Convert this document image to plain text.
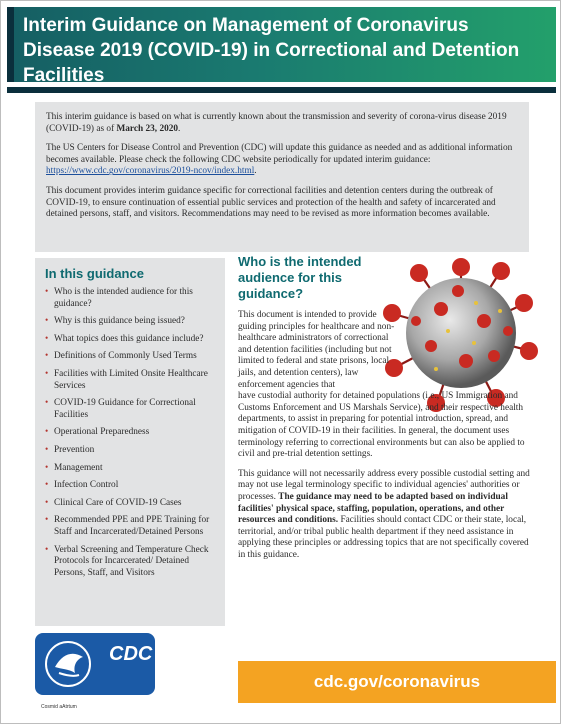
Interim Guidance on Management of Coronavirus Disease 2019 (COVID-19) in Correctional and Detention Facilities

This interim guidance is based on what is currently known about the transmission and severity of corona-virus disease 2019 (COVID-19) as of March 23, 2020.

The US Centers for Disease Control and Prevention (CDC) will update this guidance as needed and as additional information becomes available. Please check the following CDC website periodically for updated interim guidance: https://www.cdc.gov/coronavirus/2019-ncov/index.html.

This document provides interim guidance specific for correctional facilities and detention centers during the outbreak of COVID-19, to ensure continuation of essential public services and protection of the health and safety of incarcerated and detained persons, staff, and visitors. Recommendations may need to be revised as more information becomes available.

In this guidance
• Who is the intended audience for this guidance?
• Why is this guidance being issued?
• What topics does this guidance include?
• Definitions of Commonly Used Terms
• Facilities with Limited Onsite Healthcare Services
• COVID-19 Guidance for Correctional Facilities
• Operational Preparedness
• Prevention
• Management
• Infection Control
• Clinical Care of COVID-19 Cases
• Recommended PPE and PPE Training for Staff and Incarcerated/Detained Persons
• Verbal Screening and Temperature Check Protocols for Incarcerated/ Detained Persons, Staff, and Visitors
Who is the intended audience for this guidance?

This document is intended to provide guiding principles for healthcare and non-healthcare administrators of correctional and detention facilities (including but not limited to federal and state prisons, local jails, and detention centers), law enforcement agencies that
have custodial authority for detained populations (i.e., US Immigration and Customs Enforcement and US Marshals Service), and their respective health departments, to assist in preparing for potential introduction, spread, and mitigation of COVID-19 in their facilities. In general, the document uses terminology referring to correctional environments but can also be applied to civil and pre-trial detention settings.

This guidance will not necessarily address every possible custodial setting and may not use legal terminology specific to individual agencies' authorities or processes. The guidance may need to be adapted based on individual facilities' physical space, staffing, population, operations, and other resources and conditions. Facilities should contact CDC or their state, local, territorial, and/or tribal public health department if they need assistance in applying these principles or addressing topics that are not specifically covered in this guidance.

CDC
Cosmid aAtrtum
cdc.gov/coronavirus
